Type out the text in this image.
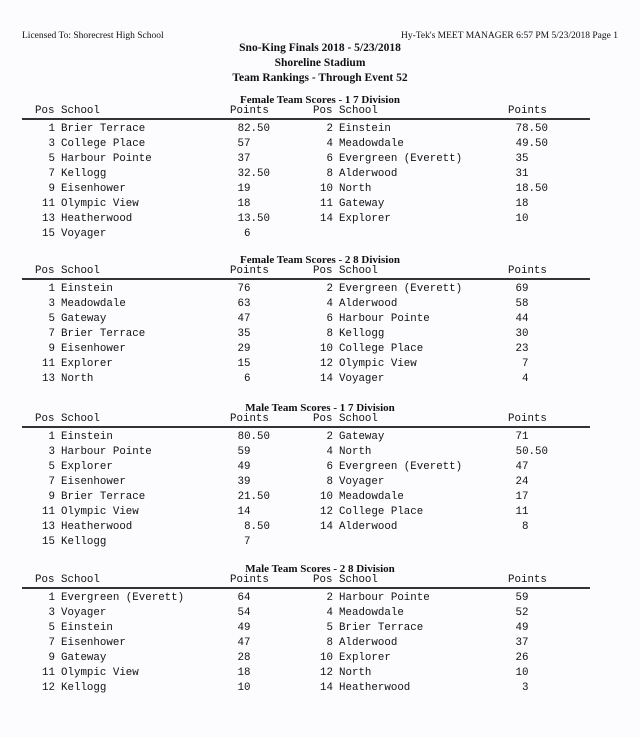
Licensed To: Shorecrest High School	Hy-Tek's MEET MANAGER 6:57 PM 5/23/2018 Page 1
Sno-King Finals 2018 - 5/23/2018
Shoreline Stadium
Team Rankings - Through Event 52
Female Team Scores - 1 7 Division
Pos School	Points	Pos School	Points
1 Brier Terrace	82.50	2 Einstein	78.50
3 College Place	57	4 Meadowdale	49.50
5 Harbour Pointe	37	6 Evergreen (Everett)	35
7 Kellogg	32.50	8 Alderwood	31
9 Eisenhower	19	10 North	18.50
11 Olympic View	18	11 Gateway	18
13 Heatherwood	13.50	14 Explorer	10
15 Voyager	6
Female Team Scores - 2 8 Division
Pos School	Points	Pos School	Points
1 Einstein	76	2 Evergreen (Everett)	69
3 Meadowdale	63	4 Alderwood	58
5 Gateway	47	6 Harbour Pointe	44
7 Brier Terrace	35	8 Kellogg	30
9 Eisenhower	29	10 College Place	23
11 Explorer	15	12 Olympic View	7
13 North	6	14 Voyager	4
Male Team Scores - 1 7 Division
Pos School	Points	Pos School	Points
1 Einstein	80.50	2 Gateway	71
3 Harbour Pointe	59	4 North	50.50
5 Explorer	49	6 Evergreen (Everett)	47
7 Eisenhower	39	8 Voyager	24
9 Brier Terrace	21.50	10 Meadowdale	17
11 Olympic View	14	12 College Place	11
13 Heatherwood	8.50	14 Alderwood	8
15 Kellogg	7
Male Team Scores - 2 8 Division
Pos School	Points	Pos School	Points
1 Evergreen (Everett)	64	2 Harbour Pointe	59
3 Voyager	54	4 Meadowdale	52
5 Einstein	49	5 Brier Terrace	49
7 Eisenhower	47	8 Alderwood	37
9 Gateway	28	10 Explorer	26
11 Olympic View	18	12 North	10
12 Kellogg	10	14 Heatherwood	3
